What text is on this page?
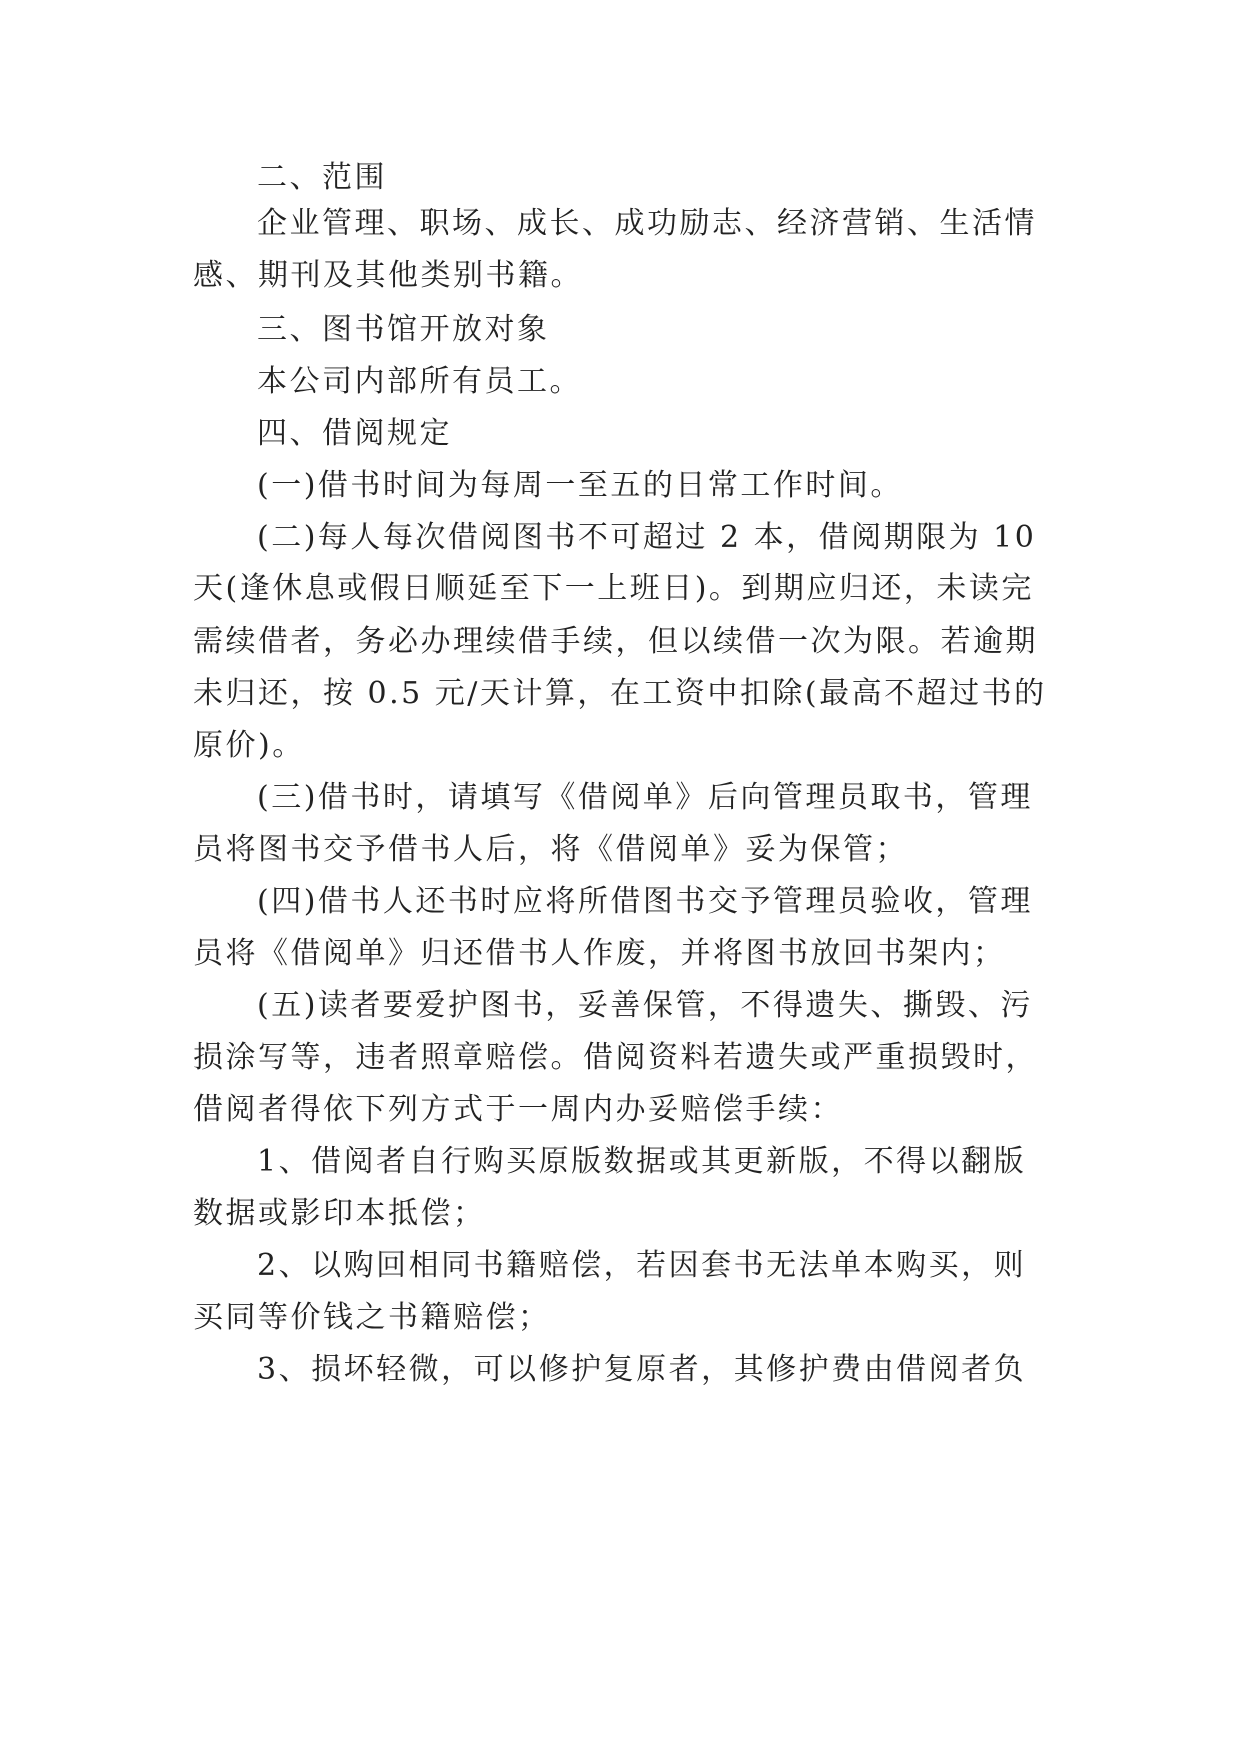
二、范围
企业管理、职场、成长、成功励志、经济营销、生活情
感、期刊及其他类别书籍。
三、图书馆开放对象
本公司内部所有员工。
四、借阅规定
(一)借书时间为每周一至五的日常工作时间。
(二)每人每次借阅图书不可超过 2 本，借阅期限为 10
天(逢休息或假日顺延至下一上班日)。到期应归还，未读完
需续借者，务必办理续借手续，但以续借一次为限。若逾期
未归还，按 0.5 元/天计算，在工资中扣除(最高不超过书的
原价)。
(三)借书时，请填写《借阅单》后向管理员取书，管理
员将图书交予借书人后，将《借阅单》妥为保管；
(四)借书人还书时应将所借图书交予管理员验收，管理
员将《借阅单》归还借书人作废，并将图书放回书架内；
(五)读者要爱护图书，妥善保管，不得遗失、撕毁、污
损涂写等，违者照章赔偿。借阅资料若遗失或严重损毁时，
借阅者得依下列方式于一周内办妥赔偿手续：
1、借阅者自行购买原版数据或其更新版，不得以翻版
数据或影印本抵偿；
2、以购回相同书籍赔偿，若因套书无法单本购买，则
买同等价钱之书籍赔偿；
3、损坏轻微，可以修护复原者，其修护费由借阅者负
